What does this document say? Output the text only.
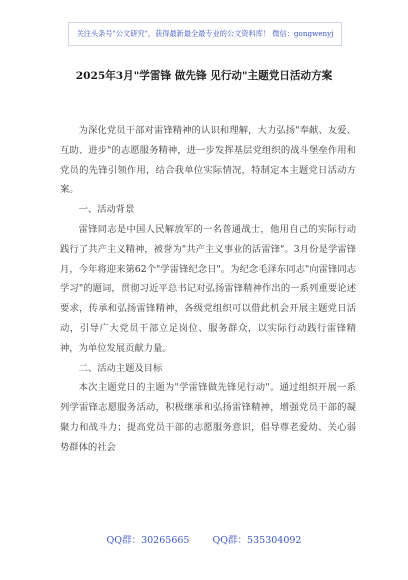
关注头条号"公文研究"，获得最新最全最专业的公文资料库！ 微信：gongwenyj
2025年3月"学雷锋 做先锋 见行动"主题党日活动方案

为深化党员干部对雷锋精神的认识和理解，大力弘扬"奉献、友爱、互助、进步"的志愿服务精神，进一步发挥基层党组织的战斗堡垒作用和党员的先锋引领作用，结合我单位实际情况，特制定本主题党日活动方案。

一、活动背景

雷锋同志是中国人民解放军的一名普通战士，他用自己的实际行动践行了共产主义精神，被誉为"共产主义事业的活雷锋"。3月份是学雷锋月，今年将迎来第62个"学雷锋纪念日"。为纪念毛泽东同志"向雷锋同志学习"的题词，贯彻习近平总书记对弘扬雷锋精神作出的一系列重要论述要求，传承和弘扬雷锋精神，各级党组织可以借此机会开展主题党日活动，引导广大党员干部立足岗位、服务群众，以实际行动践行雷锋精神，为单位发展贡献力量。

二、活动主题及目标

本次主题党日的主题为"学雷锋做先锋见行动"。通过组织开展一系列学雷锋志愿服务活动，积极继承和弘扬雷锋精神，增强党员干部的凝聚力和战斗力；提高党员干部的志愿服务意识，倡导尊老爱幼、关心弱势群体的社会

QQ群：30265665 QQ群：535304092
